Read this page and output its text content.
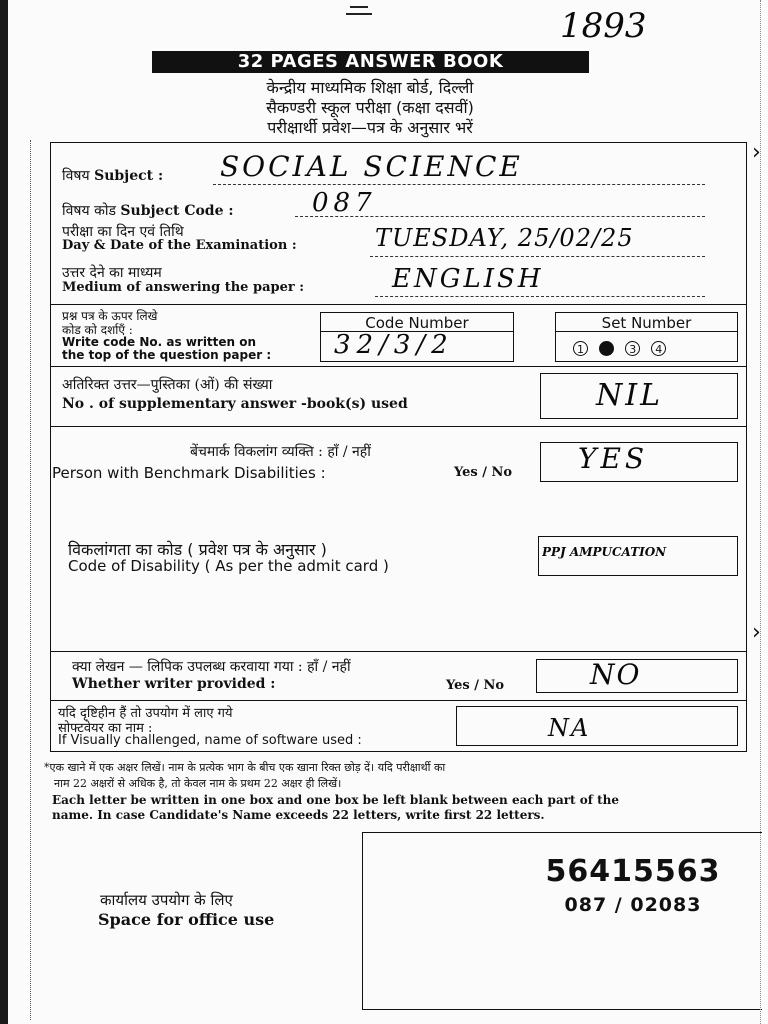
1893
32 PAGES ANSWER BOOK
केन्द्रीय माध्यमिक शिक्षा बोर्ड, दिल्ली
सैकण्डरी स्कूल परीक्षा (कक्षा दसवीं)
परीक्षार्थी प्रवेश—पत्र के अनुसार भरें
विषय Subject : SOCIAL SCIENCE
विषय कोड Subject Code :	087
परीक्षा का दिन एवं तिथि
Day & Date of the Examination :	TUESDAY, 25/02/25
उत्तर देने का माध्यम
Medium of answering the paper :	ENGLISH
प्रश्न पत्र के ऊपर लिखे
कोड को दर्शाएँ :
Write code No. as written on
the top of the question paper :
Code Number
32/3/2
Set Number
1 2 3 4
अतिरिक्त उत्तर—पुस्तिका (ओं) की संख्या
No . of supplementary answer -book(s) used	NIL
बेंचमार्क विकलांग व्यक्ति : हाँ / नहीं
Person with Benchmark Disabilities :	Yes / No YES
विकलांगता का कोड ( प्रवेश पत्र के अनुसार )
Code of Disability ( As per the admit card )
PPJ AMPUCATION
क्या लेखन — लिपिक उपलब्ध करवाया गया : हाँ / नहीं
Whether writer provided :	Yes / No	NO
यदि दृष्टिहीन हैं तो उपयोग में लाए गये
सोफ्टवेयर का नाम :
If Visually challenged, name of software used :	NA
*एक खाने में एक अक्षर लिखें। नाम के प्रत्येक भाग के बीच एक खाना रिक्त छोड़ दें। यदि परीक्षार्थी का
नाम 22 अक्षरों से अधिक है, तो केवल नाम के प्रथम 22 अक्षर ही लिखें।
Each letter be written in one box and one box be left blank between each part of the
name. In case Candidate's Name exceeds 22 letters, write first 22 letters.
कार्यालय उपयोग के लिए
Space for office use
56415563
087 / 02083
›
›
